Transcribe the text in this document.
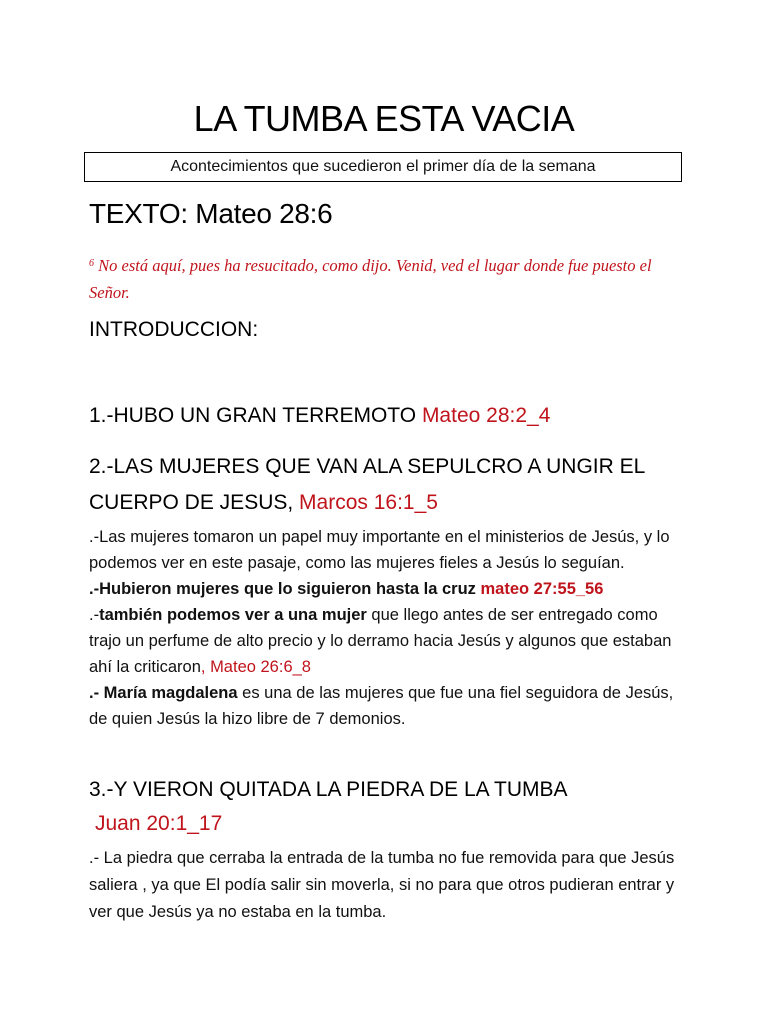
LA TUMBA ESTA VACIA
Acontecimientos que sucedieron el primer día de la semana
TEXTO: Mateo 28:6
$^6$ No está aquí, pues ha resucitado, como dijo. Venid, ved el lugar donde fue puesto el Señor.
INTRODUCCION:
1.-HUBO UN GRAN TERREMOTO Mateo 28:2_4
2.-LAS MUJERES QUE VAN ALA SEPULCRO A UNGIR EL CUERPO DE JESUS, Marcos 16:1_5

.-Las mujeres tomaron un papel muy importante en el ministerios de Jesús, y lo podemos ver en este pasaje, como las mujeres fieles a Jesús lo seguían.

.-Hubieron mujeres que lo siguieron hasta la cruz mateo 27:55_56

.-también podemos ver a una mujer que llego antes de ser entregado como trajo un perfume de alto precio y lo derramo hacia Jesús y algunos que estaban ahí la criticaron, Mateo 26:6_8

.- María magdalena es una de las mujeres que fue una fiel seguidora de Jesús, de quien Jesús la hizo libre de 7 demonios.

3.-Y VIERON QUITADA LA PIEDRA DE LA TUMBA
Juan 20:1_17

.- La piedra que cerraba la entrada de la tumba no fue removida para que Jesús saliera , ya que El podía salir sin moverla, si no para que otros pudieran entrar y ver que Jesús ya no estaba en la tumba.
